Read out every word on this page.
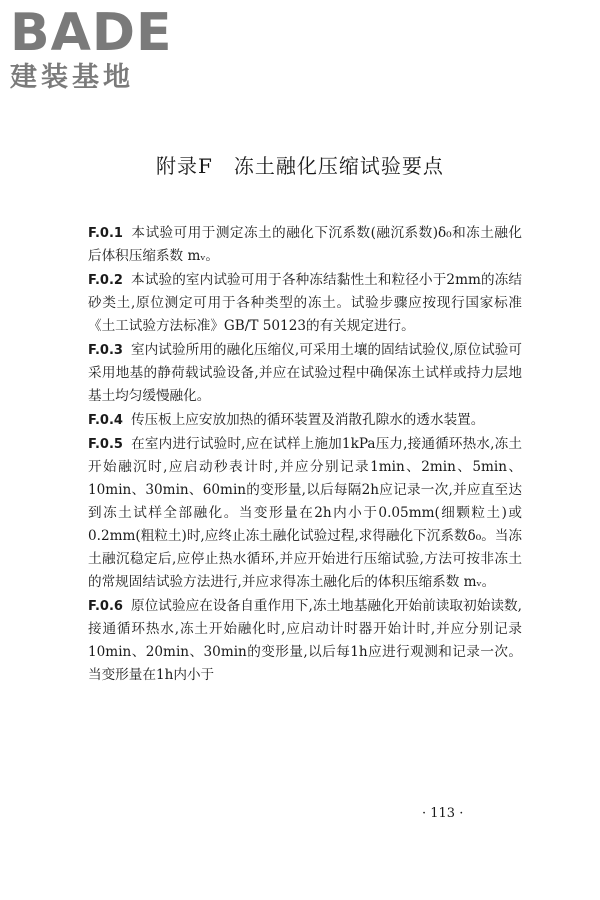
BADE
建装基地
附录F　冻土融化压缩试验要点

F.0.1 本试验可用于测定冻土的融化下沉系数(融沉系数)δ₀和冻土融化后体积压缩系数 mᵥ。

F.0.2 本试验的室内试验可用于各种冻结黏性土和粒径小于2mm的冻结砂类土,原位测定可用于各种类型的冻土。试验步骤应按现行国家标准《土工试验方法标准》GB/T 50123的有关规定进行。

F.0.3 室内试验所用的融化压缩仪,可采用土壤的固结试验仪,原位试验可采用地基的静荷载试验设备,并应在试验过程中确保冻土试样或持力层地基土均匀缓慢融化。

F.0.4 传压板上应安放加热的循环装置及消散孔隙水的透水装置。

F.0.5 在室内进行试验时,应在试样上施加1kPa压力,接通循环热水,冻土开始融沉时,应启动秒表计时,并应分别记录1min、2min、5min、10min、30min、60min的变形量,以后每隔2h应记录一次,并应直至达到冻土试样全部融化。当变形量在2h内小于0.05mm(细颗粒土)或0.2mm(粗粒土)时,应终止冻土融化试验过程,求得融化下沉系数δ₀。当冻土融沉稳定后,应停止热水循环,并应开始进行压缩试验,方法可按非冻土的常规固结试验方法进行,并应求得冻土融化后的体积压缩系数 mᵥ。

F.0.6 原位试验应在设备自重作用下,冻土地基融化开始前读取初始读数,接通循环热水,冻土开始融化时,应启动计时器开始计时,并应分别记录10min、20min、30min的变形量,以后每1h应进行观测和记录一次。当变形量在1h内小于

· 113 ·
